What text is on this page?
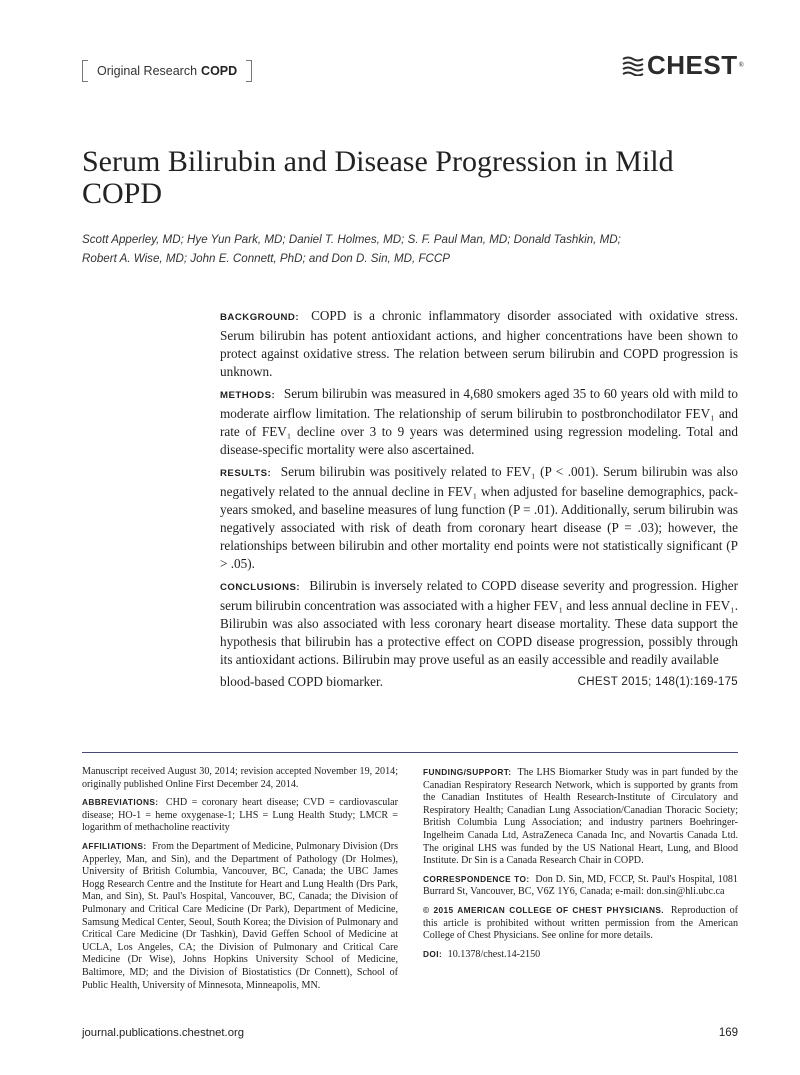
Original Research COPD	CHEST ®
Serum Bilirubin and Disease Progression in Mild COPD
Scott Apperley, MD; Hye Yun Park, MD; Daniel T. Holmes, MD; S. F. Paul Man, MD; Donald Tashkin, MD;
Robert A. Wise, MD; John E. Connett, PhD; and Don D. Sin, MD, FCCP

BACKGROUND: COPD is a chronic inflammatory disorder associated with oxidative stress. Serum bilirubin has potent antioxidant actions, and higher concentrations have been shown to protect against oxidative stress. The relation between serum bilirubin and COPD progression is unknown.

METHODS: Serum bilirubin was measured in 4,680 smokers aged 35 to 60 years old with mild to moderate airflow limitation. The relationship of serum bilirubin to postbronchodilator FEV₁ and rate of FEV₁ decline over 3 to 9 years was determined using regression modeling. Total and disease-specific mortality were also ascertained.

RESULTS: Serum bilirubin was positively related to FEV₁ (P < .001). Serum bilirubin was also negatively related to the annual decline in FEV₁ when adjusted for baseline demographics, pack-years smoked, and baseline measures of lung function (P = .01). Additionally, serum bilirubin was negatively associated with risk of death from coronary heart disease (P = .03); however, the relationships between bilirubin and other mortality end points were not statistically significant (P > .05).

CONCLUSIONS: Bilirubin is inversely related to COPD disease severity and progression. Higher serum bilirubin concentration was associated with a higher FEV₁ and less annual decline in FEV₁. Bilirubin was also associated with less coronary heart disease mortality. These data support the hypothesis that bilirubin has a protective effect on COPD disease progression, possibly through its antioxidant actions. Bilirubin may prove useful as an easily accessible and readily available

blood-based COPD biomarker.	CHEST 2015; 148(1):169-175

Manuscript received August 30, 2014; revision accepted November 19, 2014; originally published Online First December 24, 2014.

ABBREVIATIONS: CHD = coronary heart disease; CVD = cardiovascular disease; HO-1 = heme oxygenase-1; LHS = Lung Health Study; LMCR = logarithm of methacholine reactivity

AFFILIATIONS: From the Department of Medicine, Pulmonary Division (Drs Apperley, Man, and Sin), and the Department of Pathology (Dr Holmes), University of British Columbia, Vancouver, BC, Canada; the UBC James Hogg Research Centre and the Institute for Heart and Lung Health (Drs Park, Man, and Sin), St. Paul's Hospital, Vancouver, BC, Canada; the Division of Pulmonary and Critical Care Medicine (Dr Park), Department of Medicine, Samsung Medical Center, Seoul, South Korea; the Division of Pulmonary and Critical Care Medicine (Dr Tashkin), David Geffen School of Medicine at UCLA, Los Angeles, CA; the Division of Pulmonary and Critical Care Medicine (Dr Wise), Johns Hopkins University School of Medicine, Baltimore, MD; and the Division of Biostatistics (Dr Connett), School of Public Health, University of Minnesota, Minneapolis, MN.

FUNDING/SUPPORT: The LHS Biomarker Study was in part funded by the Canadian Respiratory Research Network, which is supported by grants from the Canadian Institutes of Health Research-Institute of Circulatory and Respiratory Health; Canadian Lung Association/Canadian Thoracic Society; British Columbia Lung Association; and industry partners Boehringer-Ingelheim Canada Ltd, AstraZeneca Canada Inc, and Novartis Canada Ltd. The original LHS was funded by the US National Heart, Lung, and Blood Institute. Dr Sin is a Canada Research Chair in COPD.

CORRESPONDENCE TO: Don D. Sin, MD, FCCP, St. Paul's Hospital, 1081 Burrard St, Vancouver, BC, V6Z 1Y6, Canada; e-mail: don.sin@hli.ubc.ca

© 2015 AMERICAN COLLEGE OF CHEST PHYSICIANS. Reproduction of this article is prohibited without written permission from the American College of Chest Physicians. See online for more details.

DOI: 10.1378/chest.14-2150

journal.publications.chestnet.org	169
